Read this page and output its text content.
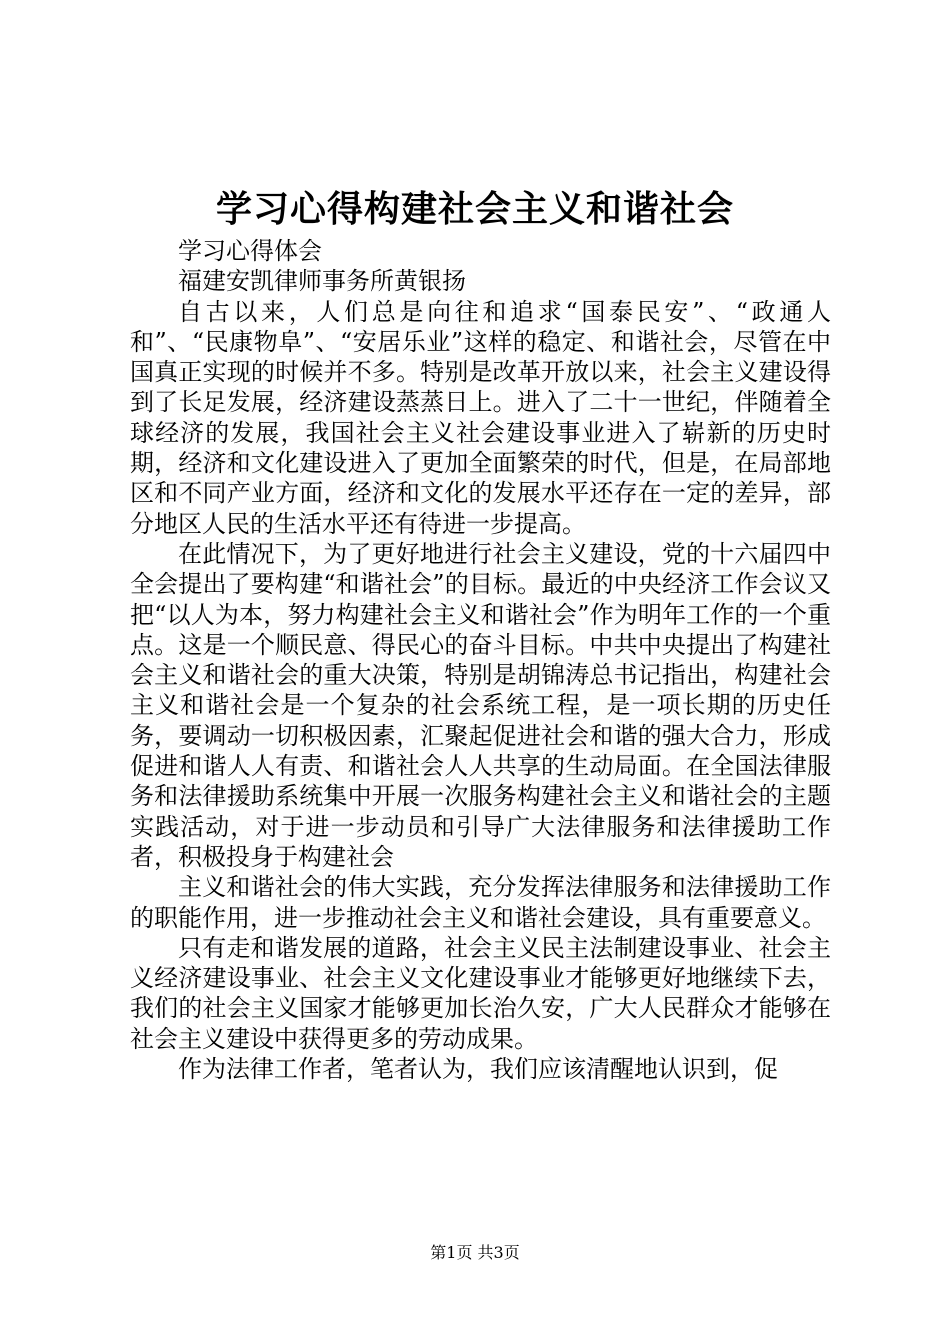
学习心得构建社会主义和谐社会

学习心得体会

福建安凯律师事务所黄银扬

自古以来，人们总是向往和追求“国泰民安”、“政通人和”、“民康物阜”、“安居乐业”这样的稳定、和谐社会，尽管在中国真正实现的时候并不多。特别是改革开放以来，社会主义建设得到了长足发展，经济建设蒸蒸日上。进入了二十一世纪，伴随着全球经济的发展，我国社会主义社会建设事业进入了崭新的历史时期，经济和文化建设进入了更加全面繁荣的时代，但是，在局部地区和不同产业方面，经济和文化的发展水平还存在一定的差异，部分地区人民的生活水平还有待进一步提高。

在此情况下，为了更好地进行社会主义建设，党的十六届四中全会提出了要构建“和谐社会”的目标。最近的中央经济工作会议又把“以人为本，努力构建社会主义和谐社会”作为明年工作的一个重点。这是一个顺民意、得民心的奋斗目标。中共中央提出了构建社会主义和谐社会的重大决策，特别是胡锦涛总书记指出，构建社会主义和谐社会是一个复杂的社会系统工程，是一项长期的历史任务，要调动一切积极因素，汇聚起促进社会和谐的强大合力，形成促进和谐人人有责、和谐社会人人共享的生动局面。在全国法律服务和法律援助系统集中开展一次服务构建社会主义和谐社会的主题实践活动，对于进一步动员和引导广大法律服务和法律援助工作者，积极投身于构建社会

主义和谐社会的伟大实践，充分发挥法律服务和法律援助工作的职能作用，进一步推动社会主义和谐社会建设，具有重要意义。

只有走和谐发展的道路，社会主义民主法制建设事业、社会主义经济建设事业、社会主义文化建设事业才能够更好地继续下去，我们的社会主义国家才能够更加长治久安，广大人民群众才能够在社会主义建设中获得更多的劳动成果。

作为法律工作者，笔者认为，我们应该清醒地认识到，促

第1页 共3页
